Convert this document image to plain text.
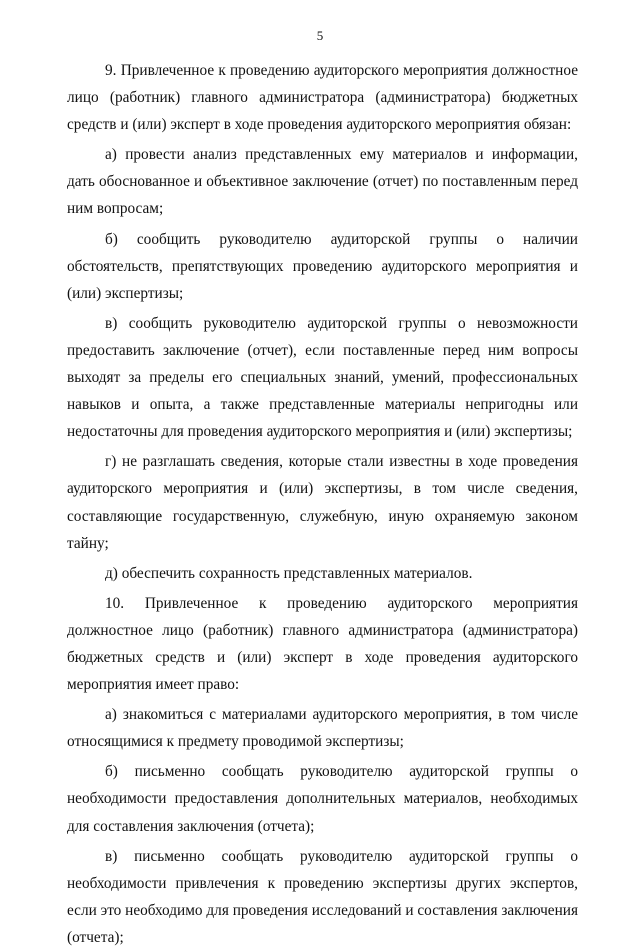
5

9. Привлеченное к проведению аудиторского мероприятия должностное лицо (работник) главного администратора (администратора) бюджетных средств и (или) эксперт в ходе проведения аудиторского мероприятия обязан:

а) провести анализ представленных ему материалов и информации, дать обоснованное и объективное заключение (отчет) по поставленным перед ним вопросам;

б) сообщить руководителю аудиторской группы о наличии обстоятельств, препятствующих проведению аудиторского мероприятия и (или) экспертизы;

в) сообщить руководителю аудиторской группы о невозможности предоставить заключение (отчет), если поставленные перед ним вопросы выходят за пределы его специальных знаний, умений, профессиональных навыков и опыта, а также представленные материалы непригодны или недостаточны для проведения аудиторского мероприятия и (или) экспертизы;

г) не разглашать сведения, которые стали известны в ходе проведения аудиторского мероприятия и (или) экспертизы, в том числе сведения, составляющие государственную, служебную, иную охраняемую законом тайну;

д) обеспечить сохранность представленных материалов.

10. Привлеченное к проведению аудиторского мероприятия должностное лицо (работник) главного администратора (администратора) бюджетных средств и (или) эксперт в ходе проведения аудиторского мероприятия имеет право:

а) знакомиться с материалами аудиторского мероприятия, в том числе относящимися к предмету проводимой экспертизы;

б) письменно сообщать руководителю аудиторской группы о необходимости предоставления дополнительных материалов, необходимых для составления заключения (отчета);

в) письменно сообщать руководителю аудиторской группы о необходимости привлечения к проведению экспертизы других экспертов, если это необходимо для проведения исследований и составления заключения (отчета);
